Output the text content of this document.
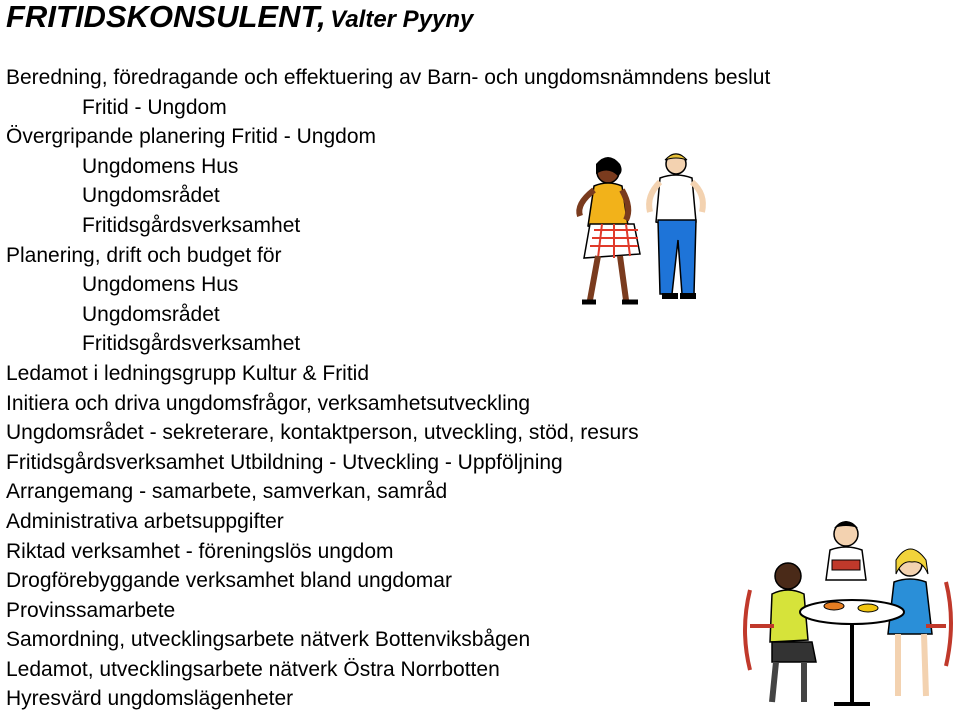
FRITIDSKONSULENT, Valter Pyyny
Beredning, föredragande och effektuering av Barn- och ungdomsnämndens beslut
Fritid - Ungdom
Övergripande planering Fritid - Ungdom
Ungdomens Hus
Ungdomsrådet
Fritidsgårdsverksamhet
Planering, drift och budget för
Ungdomens Hus
Ungdomsrådet
Fritidsgårdsverksamhet
Ledamot i ledningsgrupp Kultur & Fritid
Initiera och driva ungdomsfrågor, verksamhetsutveckling
Ungdomsrådet - sekreterare, kontaktperson, utveckling, stöd, resurs
Fritidsgårdsverksamhet Utbildning - Utveckling - Uppföljning
Arrangemang - samarbete, samverkan, samråd
Administrativa arbetsuppgifter
Riktad verksamhet - föreningslös ungdom
Drogförebyggande verksamhet bland ungdomar
Provinssamarbete
Samordning, utvecklingsarbete nätverk Bottenviksbågen
Ledamot, utvecklingsarbete nätverk Östra Norrbotten
Hyresvärd ungdomslägenheter
